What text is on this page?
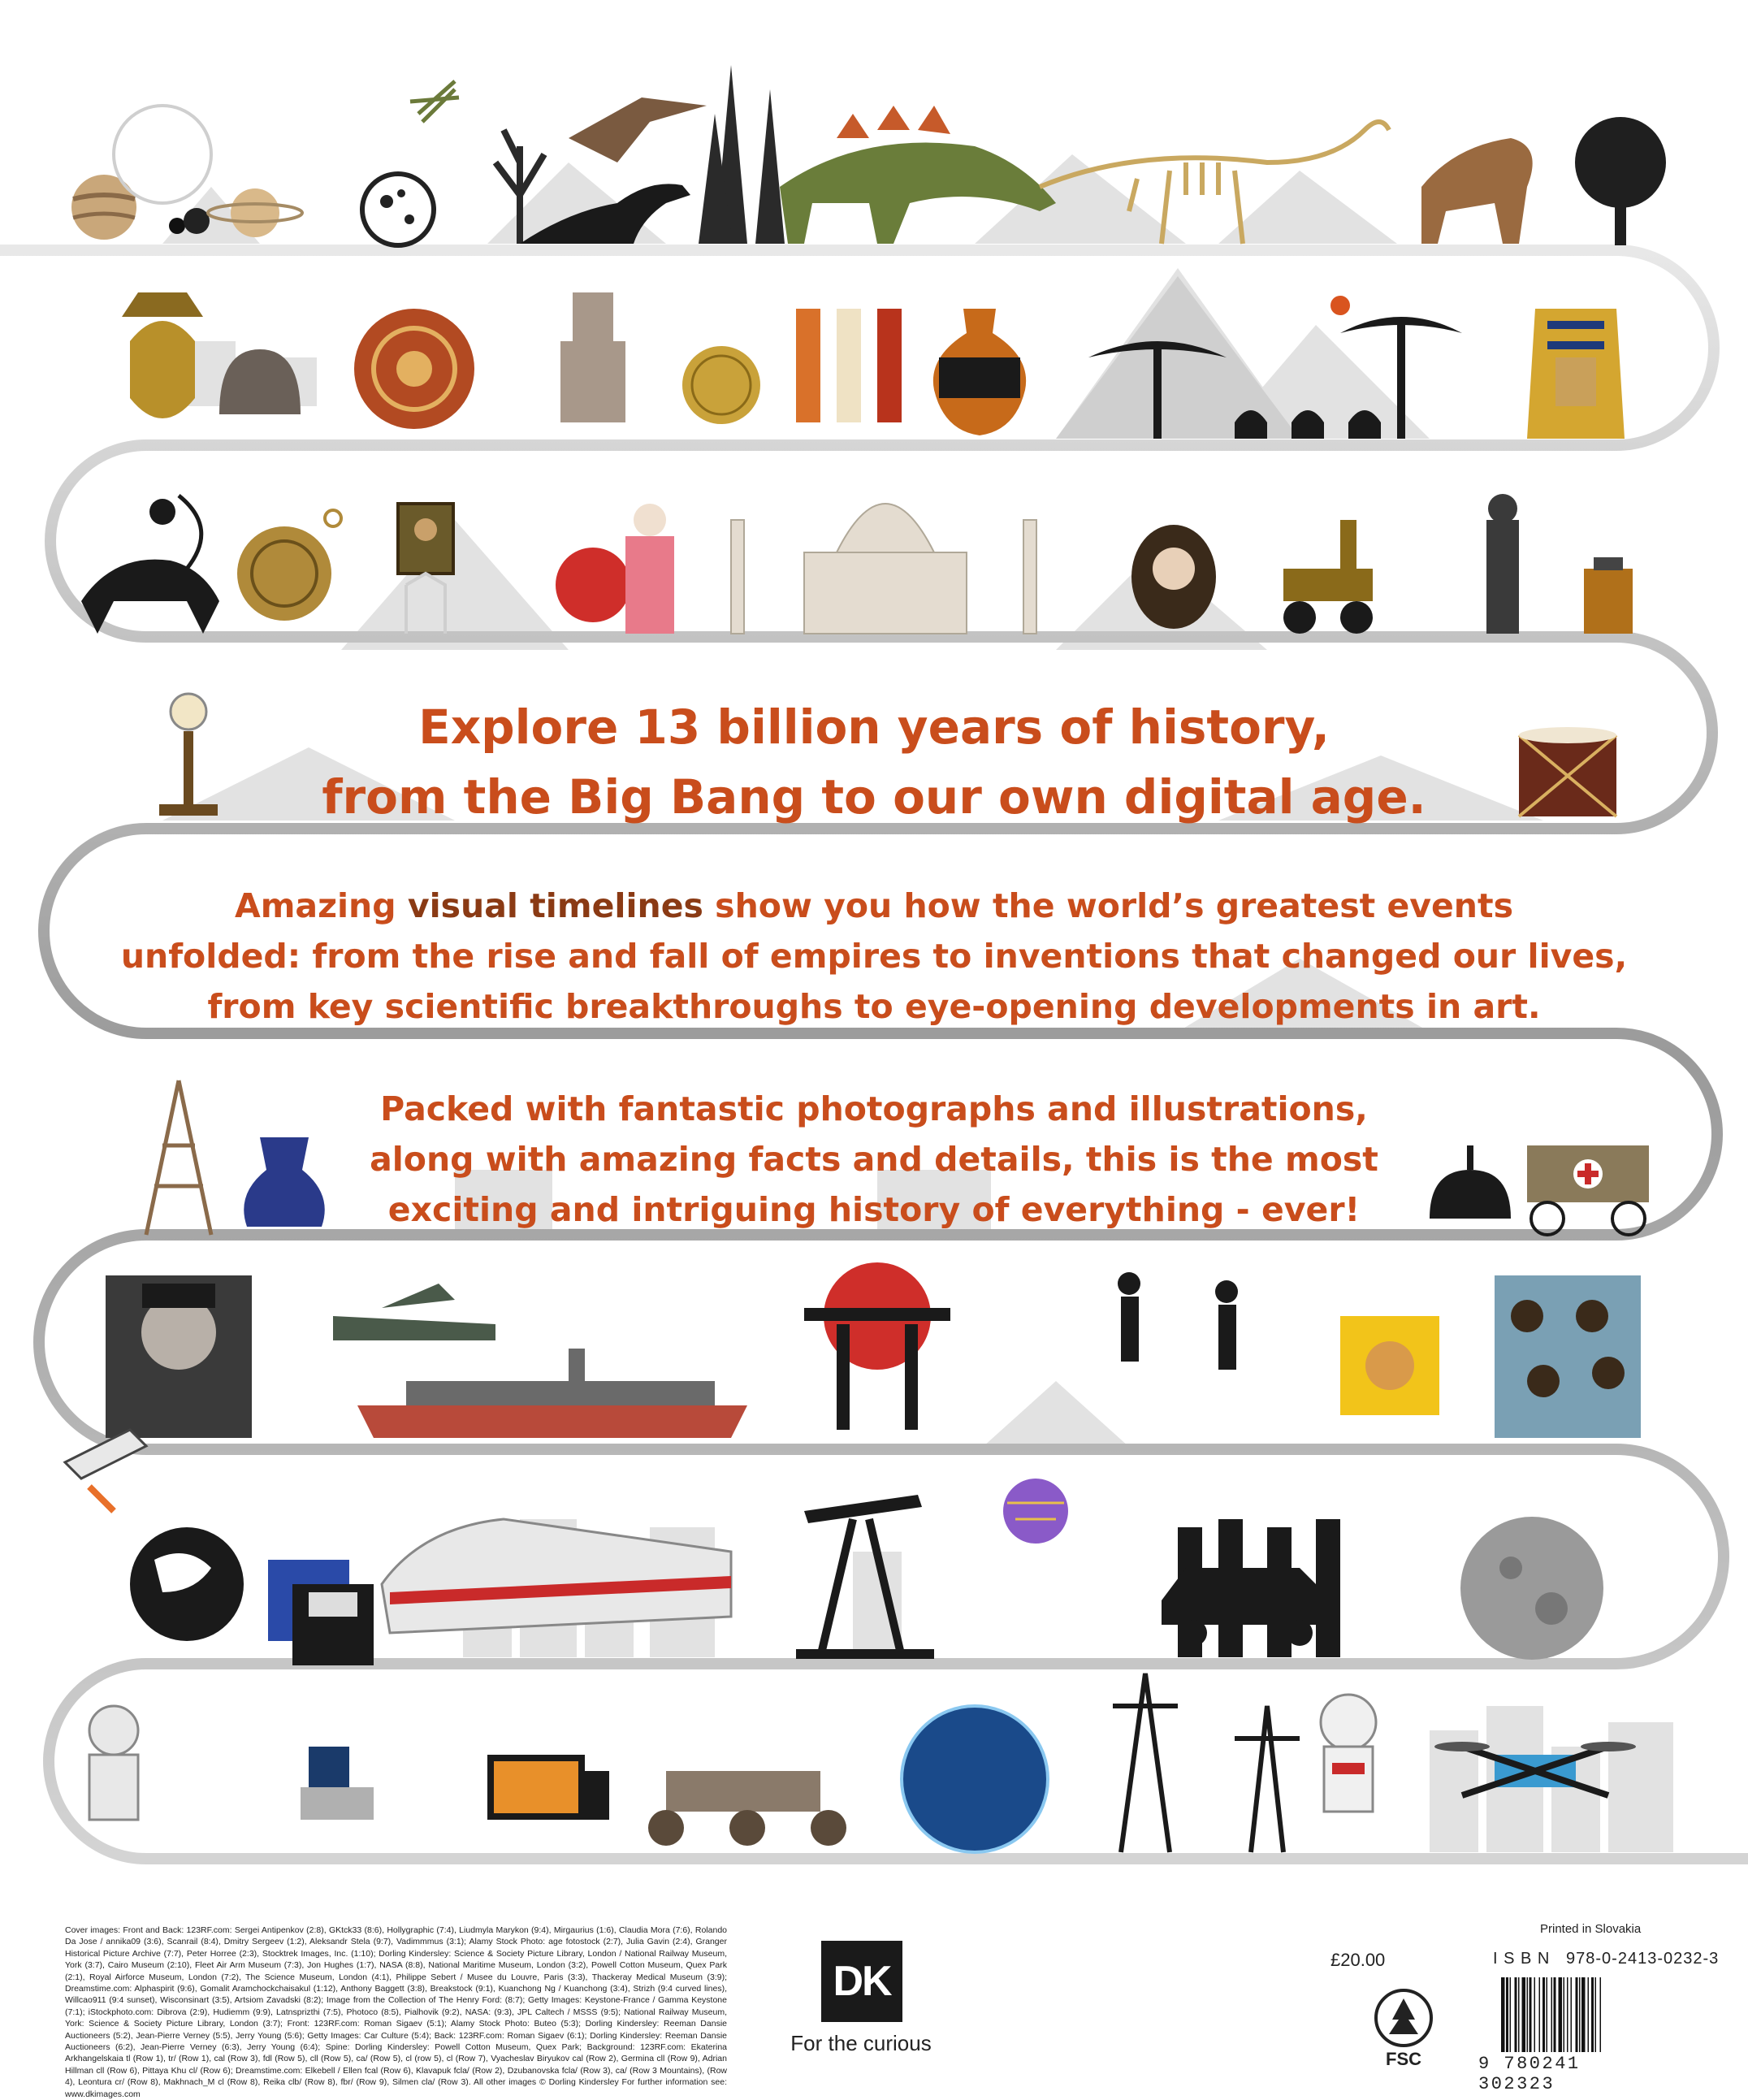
Explore 13 billion years of history,

from the Big Bang to our own digital age.

Amazing visual timelines show you how the world’s greatest events

unfolded: from the rise and fall of empires to inventions that changed our lives,

from key scientific breakthroughs to eye-opening developments in art.

Packed with fantastic photographs and illustrations,

along with amazing facts and details, this is the most

exciting and intriguing history of everything - ever!

Cover images: Front and Back: 123RF.com: Sergei Antipenkov (2:8), GKtck33 (8:6), Hollygraphic (7:4), Liudmyla Marykon (9:4), Mirgaurius (1:6), Claudia Mora (7:6), Rolando Da Jose / annika09 (3:6), Scanrail (8:4), Dmitry Sergeev (1:2), Aleksandr Stela (9:7), Vadimmmus (3:1); Alamy Stock Photo: age fotostock (2:7), Julia Gavin (2:4), Granger Historical Picture Archive (7:7), Peter Horree (2:3), Stocktrek Images, Inc. (1:10); Dorling Kindersley: Science & Society Picture Library, London / National Railway Museum, York (3:7), Cairo Museum (2:10), Fleet Air Arm Museum (7:3), Jon Hughes (1:7), NASA (8:8), National Maritime Museum, London (3:2), Powell Cotton Museum, Quex Park (2:1), Royal Airforce Museum, London (7:2), The Science Museum, London (4:1), Philippe Sebert / Musee du Louvre, Paris (3:3), Thackeray Medical Museum (3:9); Dreamstime.com: Alphaspirit (9:6), Gomalit Aramchockchaisakul (1:12), Anthony Baggett (3:8), Breakstock (9:1), Kuanchong Ng / Kuanchong (3:4), Strizh (9:4 curved lines), Willcao911 (9:4 sunset), Wisconsinart (3:5), Artsiom Zavadski (8:2); Image from the Collection of The Henry Ford: (8:7); Getty Images: Keystone-France / Gamma Keystone (7:1); iStockphoto.com: Dibrova (2:9), Hudiemm (9:9), Latnsprizthi (7:5), Photoco (8:5), Pialhovik (9:2), NASA: (9:3), JPL Caltech / MSSS (9:5); National Railway Museum, York: Science & Society Picture Library, London (3:7); Front: 123RF.com: Roman Sigaev (5:1); Alamy Stock Photo: Buteo (5:3); Dorling Kindersley: Reeman Dansie Auctioneers (5:2), Jean-Pierre Verney (5:5), Jerry Young (5:6); Getty Images: Car Culture (5:4); Back: 123RF.com: Roman Sigaev (6:1); Dorling Kindersley: Reeman Dansie Auctioneers (6:2), Jean-Pierre Verney (6:3), Jerry Young (6:4); Spine: Dorling Kindersley: Powell Cotton Museum, Quex Park; Background: 123RF.com: Ekaterina Arkhangelskaia tl (Row 1), tr/ (Row 1), cal (Row 3), fdl (Row 5), cll (Row 5), ca/ (Row 5), cl (row 5), cl (Row 7), Vyacheslav Biryukov cal (Row 2), Germina cll (Row 9), Adrian Hillman cll (Row 6), Pittaya Khu cl/ (Row 6); Dreamstime.com: Elkebell / Ellen fcal (Row 6), Klavapuk fcla/ (Row 2), Dzubanovska fcla/ (Row 3), ca/ (Row 3 Mountains), (Row 4), Leontura cr/ (Row 8), Makhnach_M cl (Row 8), Reika clb/ (Row 8), fbr/ (Row 9), Silmen cla/ (Row 3). All other images © Dorling Kindersley For further information see: www.dkimages.com
DK
For the curious
£20.00
Printed in Slovakia
I S B N   978-0-2413-0232-3
9 780241 302323
FSC
